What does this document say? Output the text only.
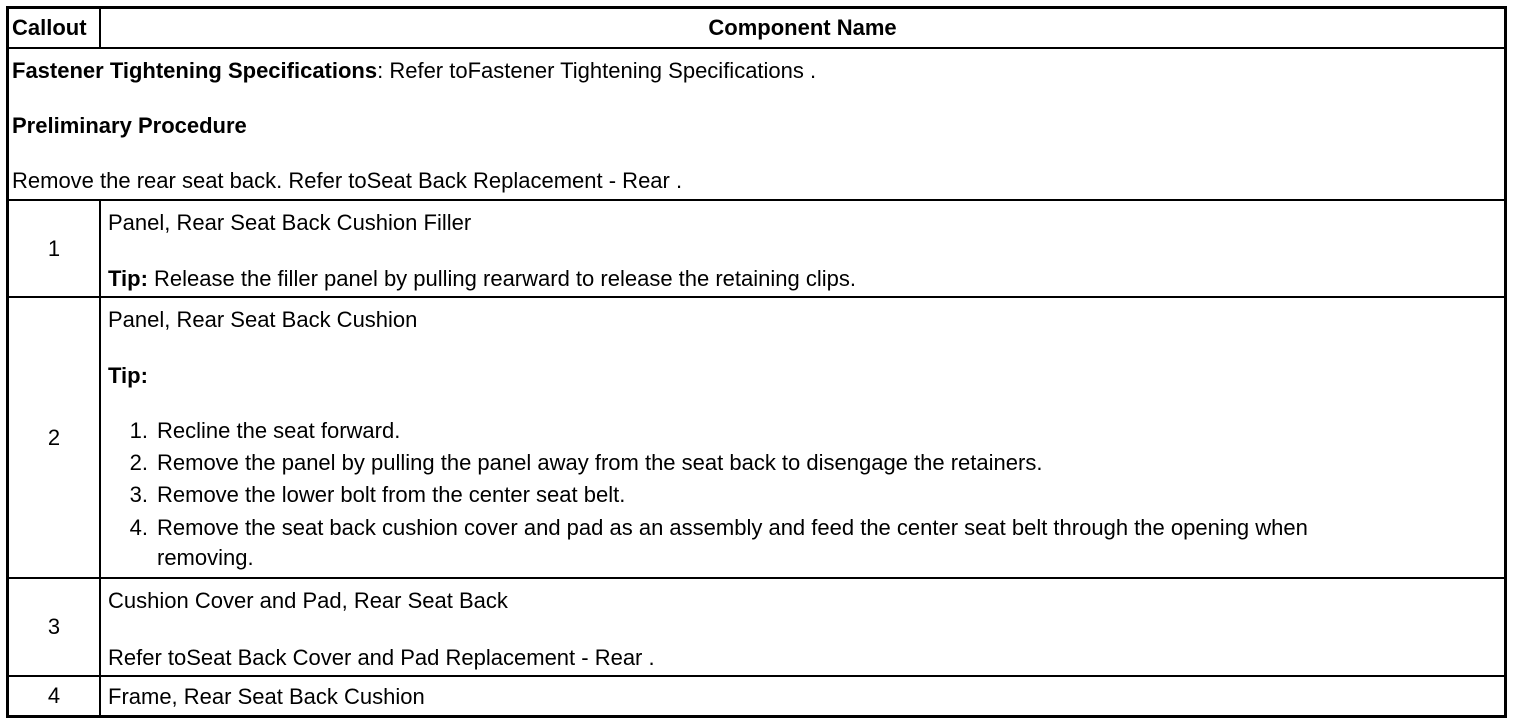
Callout	Component Name
Fastener Tightening Specifications: Refer toFastener Tightening Specifications .
Preliminary Procedure
Remove the rear seat back. Refer toSeat Back Replacement - Rear .
1
Panel, Rear Seat Back Cushion Filler
Tip: Release the filler panel by pulling rearward to release the retaining clips.
2
Panel, Rear Seat Back Cushion
Tip:
1. Recline the seat forward.
2. Remove the panel by pulling the panel away from the seat back to disengage the retainers.
3. Remove the lower bolt from the center seat belt.
4. Remove the seat back cushion cover and pad as an assembly and feed the center seat belt through the opening when
removing.
3
Cushion Cover and Pad, Rear Seat Back
Refer toSeat Back Cover and Pad Replacement - Rear .
4	Frame, Rear Seat Back Cushion
